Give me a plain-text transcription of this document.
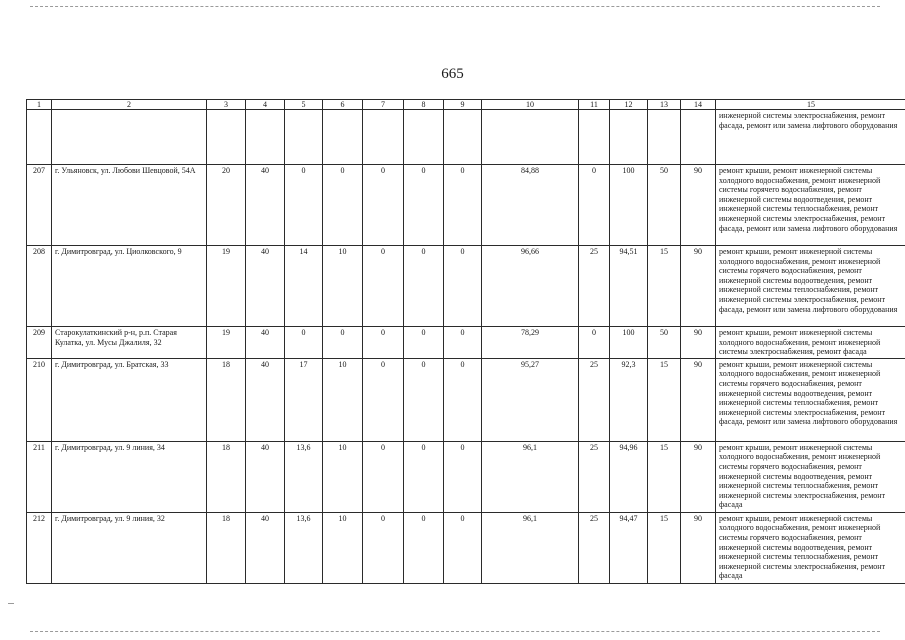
665
1	2	3	4	5	6	7	8	9	10	11	12	13	14	15
														инженерной системы электроснабжения, ремонт фасада, ремонт или замена лифтового оборудования
207	г. Ульяновск, ул. Любови Шевцовой, 54А	20	40	0	0	0	0	0	84,88	0	100	50	90	ремонт крыши, ремонт инженерной системы холодного водоснабжения, ремонт инженерной системы горячего водоснабжения, ремонт инженерной системы водоотведения, ремонт инженерной системы теплоснабжения, ремонт инженерной системы электроснабжения, ремонт фасада, ремонт или замена лифтового оборудования
208	г. Димитровград, ул. Циолковского, 9	19	40	14	10	0	0	0	96,66	25	94,51	15	90	ремонт крыши, ремонт инженерной системы холодного водоснабжения, ремонт инженерной системы горячего водоснабжения, ремонт инженерной системы водоотведения, ремонт инженерной системы теплоснабжения, ремонт инженерной системы электроснабжения, ремонт фасада, ремонт или замена лифтового оборудования
209	Старокулаткинский р-н, р.п. Старая Кулатка, ул. Мусы Джалиля, 32	19	40	0	0	0	0	0	78,29	0	100	50	90	ремонт крыши, ремонт инженерной системы холодного водоснабжения, ремонт инженерной системы электроснабжения, ремонт фасада
210	г. Димитровград, ул. Братская, 33	18	40	17	10	0	0	0	95,27	25	92,3	15	90	ремонт крыши, ремонт инженерной системы холодного водоснабжения, ремонт инженерной системы горячего водоснабжения, ремонт инженерной системы водоотведения, ремонт инженерной системы теплоснабжения, ремонт инженерной системы электроснабжения, ремонт фасада, ремонт или замена лифтового оборудования
211	г. Димитровград, ул. 9 линия, 34	18	40	13,6	10	0	0	0	96,1	25	94,96	15	90	ремонт крыши, ремонт инженерной системы холодного водоснабжения, ремонт инженерной системы горячего водоснабжения, ремонт инженерной системы водоотведения, ремонт инженерной системы теплоснабжения, ремонт инженерной системы электроснабжения, ремонт фасада
212	г. Димитровград, ул. 9 линия, 32	18	40	13,6	10	0	0	0	96,1	25	94,47	15	90	ремонт крыши, ремонт инженерной системы холодного водоснабжения, ремонт инженерной системы горячего водоснабжения, ремонт инженерной системы водоотведения, ремонт инженерной системы теплоснабжения, ремонт инженерной системы электроснабжения, ремонт фасада
